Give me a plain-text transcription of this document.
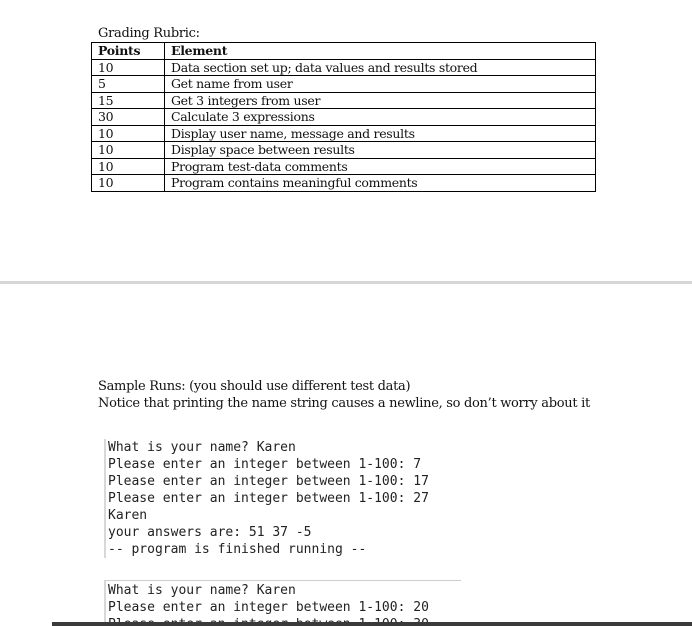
Grading Rubric:
Points	Element
10	Data section set up; data values and results stored
5	Get name from user
15	Get 3 integers from user
30	Calculate 3 expressions
10	Display user name, message and results
10	Display space between results
10	Program test-data comments
10	Program contains meaningful comments
Sample Runs: (you should use different test data)
Notice that printing the name string causes a newline, so don’t worry about it
What is your name? Karen
Please enter an integer between 1-100: 7
Please enter an integer between 1-100: 17
Please enter an integer between 1-100: 27
Karen
your answers are: 51 37 -5
-- program is finished running --
What is your name? Karen
Please enter an integer between 1-100: 20
